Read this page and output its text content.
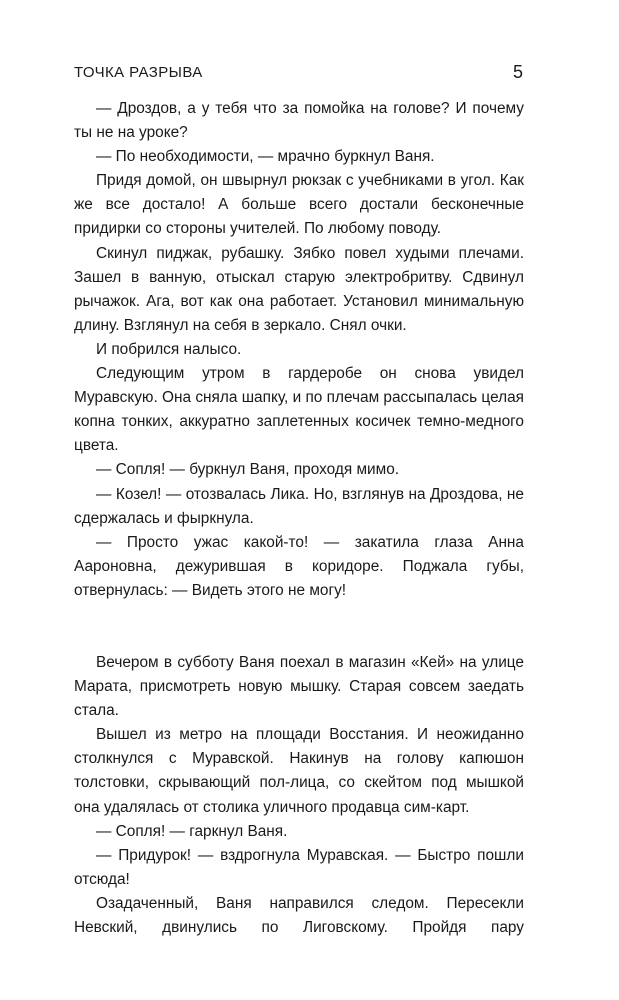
ТОЧКА РАЗРЫВА	5

— Дроздов, а у тебя что за помойка на голове? И почему ты не на уроке?

— По необходимости, — мрачно буркнул Ваня.

Придя домой, он швырнул рюкзак с учебниками в угол. Как же все достало! А больше всего достали бесконечные придирки со стороны учителей. По любому поводу.

Скинул пиджак, рубашку. Зябко повел худыми плечами. Зашел в ванную, отыскал старую электробритву. Сдвинул рычажок. Ага, вот как она работает. Установил минимальную длину. Взглянул на себя в зеркало. Снял очки.

И побрился налысо.

Следующим утром в гардеробе он снова увидел Муравскую. Она сняла шапку, и по плечам рассыпалась целая копна тонких, аккуратно заплетенных косичек темно-медного цвета.

— Сопля! — буркнул Ваня, проходя мимо.

— Козел! — отозвалась Лика. Но, взглянув на Дроздова, не сдержалась и фыркнула.

— Просто ужас какой-то! — закатила глаза Анна Аароновна, дежурившая в коридоре. Поджала губы, отвернулась: — Видеть этого не могу!

Вечером в субботу Ваня поехал в магазин «Кей» на улице Марата, присмотреть новую мышку. Старая совсем заедать стала.

Вышел из метро на площади Восстания. И неожиданно столкнулся с Муравской. Накинув на голову капюшон толстовки, скрывающий пол-лица, со скейтом под мышкой она удалялась от столика уличного продавца сим-карт.

— Сопля! — гаркнул Ваня.

— Придурок! — вздрогнула Муравская. — Быстро пошли отсюда!

Озадаченный, Ваня направился следом. Пересекли Невский, двинулись по Лиговскому. Пройдя пару
